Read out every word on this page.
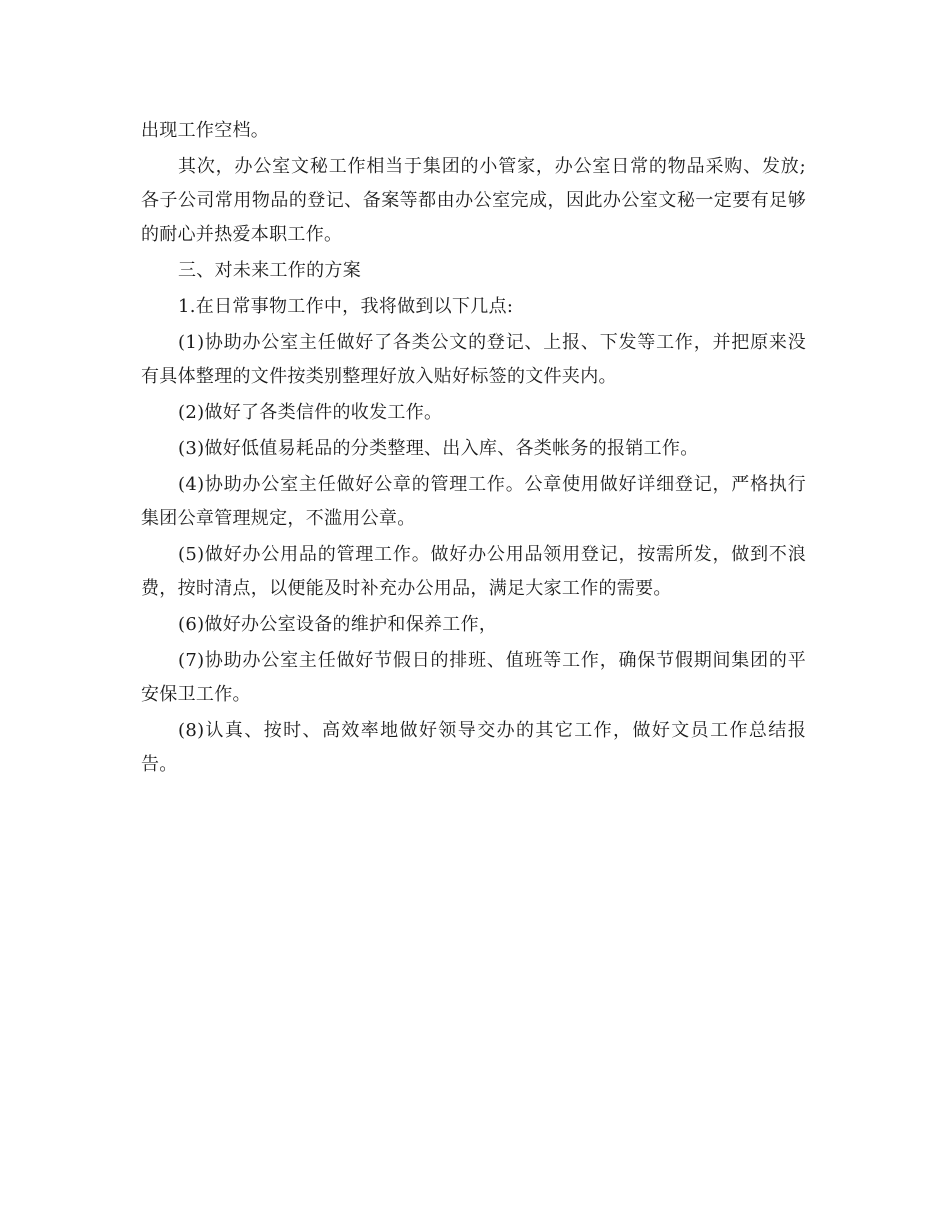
出现工作空档。

其次，办公室文秘工作相当于集团的小管家，办公室日常的物品采购、发放;各子公司常用物品的登记、备案等都由办公室完成，因此办公室文秘一定要有足够的耐心并热爱本职工作。

三、对未来工作的方案

1.在日常事物工作中，我将做到以下几点:

(1)协助办公室主任做好了各类公文的登记、上报、下发等工作，并把原来没有具体整理的文件按类别整理好放入贴好标签的文件夹内。

(2)做好了各类信件的收发工作。

(3)做好低值易耗品的分类整理、出入库、各类帐务的报销工作。

(4)协助办公室主任做好公章的管理工作。公章使用做好详细登记，严格执行集团公章管理规定，不滥用公章。

(5)做好办公用品的管理工作。做好办公用品领用登记，按需所发，做到不浪费，按时清点，以便能及时补充办公用品，满足大家工作的需要。

(6)做好办公室设备的维护和保养工作，

(7)协助办公室主任做好节假日的排班、值班等工作，确保节假期间集团的平安保卫工作。

(8)认真、按时、高效率地做好领导交办的其它工作，做好文员工作总结报告。
